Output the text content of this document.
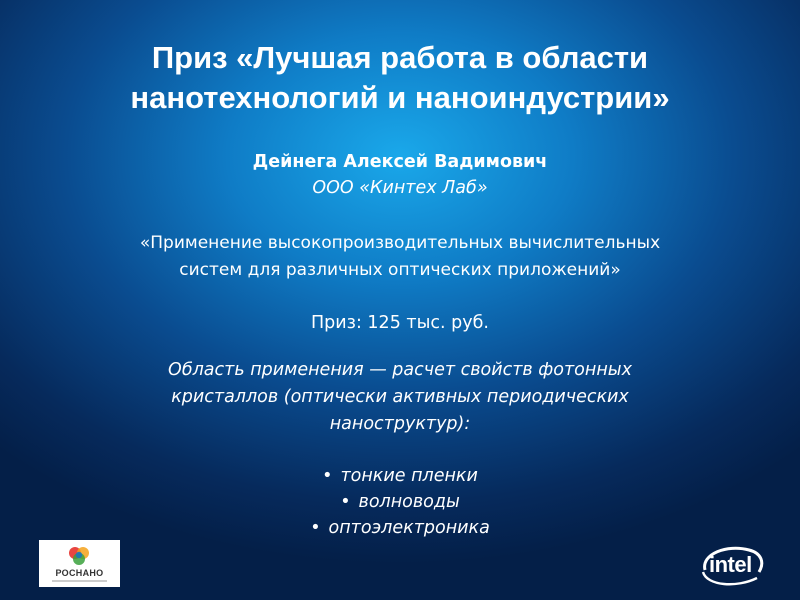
Приз «Лучшая работа в области
нанотехнологий и наноиндустрии»
Дейнега Алексей Вадимович
ООО «Кинтех Лаб»
«Применение высокопроизводительных вычислительных
систем для различных оптических приложений»
Приз: 125 тыс. руб.
Область применения — расчет свойств фотонных
кристаллов (оптически активных периодических
наноструктур):
• тонкие пленки
• волноводы
• оптоэлектроника
РОСНАНО	intel
